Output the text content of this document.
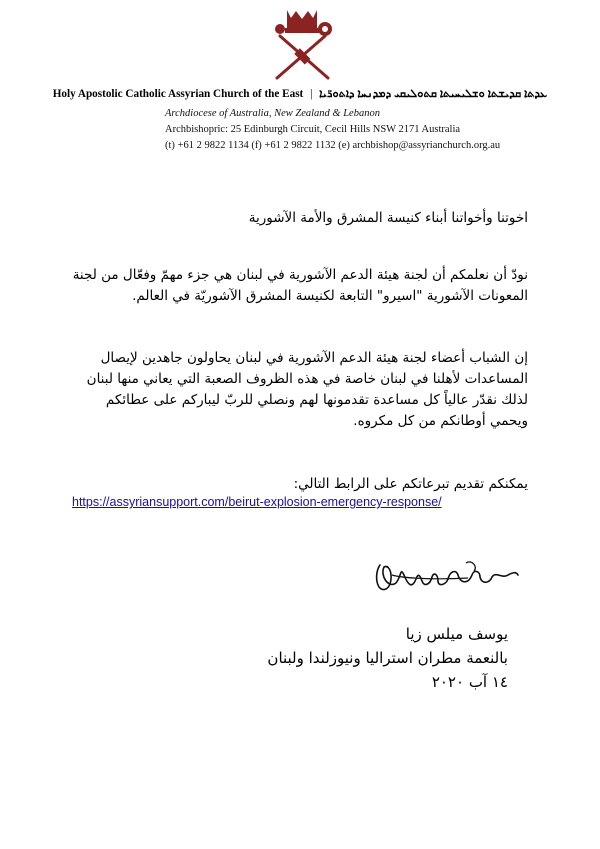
Holy Apostolic Catholic Assyrian Church of the East | ܥܕܬܐ ܩܕܝܫܬܐ ܘܫܠܝܚܝܬܐ ܩܬܘܠܝܩܝ ܕܡܕܢܚܐ ܕܐܬܘܪ̈ܝܐ
Archdiocese of Australia, New Zealand & Lebanon
Archbishopric: 25 Edinburgh Circuit, Cecil Hills NSW 2171 Australia
(t) +61 2 9822 1134 (f) +61 2 9822 1132 (e) archbishop@assyrianchurch.org.au
اخوتنا وأخواتنا أبناء كنيسة المشرق والأمة الآشورية
نودّ أن نعلمكم أن لجنة هيئة الدعم الآشورية في لبنان هي جزء مهمّ وفعّال من لجنة المعونات الآشورية "اسيرو" التابعة لكنيسة المشرق الآشوريّة في العالم.
إن الشباب أعضاء لجنة هيئة الدعم الآشورية في لبنان يحاولون جاهدين لإيصال المساعدات لأهلنا في لبنان خاصة في هذه الظروف الصعبة التي يعاني منها لبنان لذلك نقدّر عالياً كل مساعدة تقدمونها لهم ونصلي للربّ ليباركم على عطائكم ويحمي أوطانكم من كل مكروه.
يمكنكم تقديم تبرعاتكم على الرابط التالي:
https://assyriansupport.com/beirut-explosion-emergency-response/
يوسف ميلس زيا
بالنعمة مطران استراليا ونيوزلندا ولبنان
١٤ آب ٢٠٢٠
